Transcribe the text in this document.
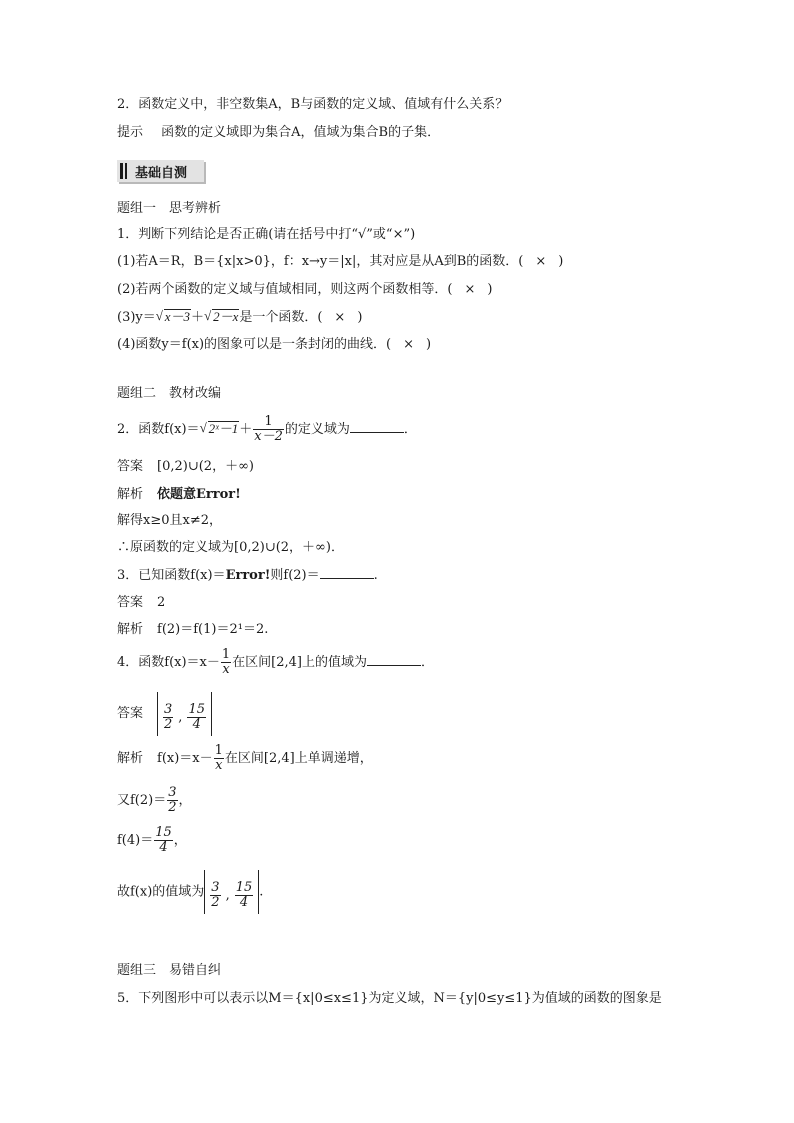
2．函数定义中，非空数集A，B与函数的定义域、值域有什么关系？
提示 函数的定义域即为集合A，值域为集合B的子集．
基础自测
题组一　思考辨析
1．判断下列结论是否正确(请在括号中打“√”或“×”)
(1)若A＝R，B＝{x|x>0}，f：x→y＝|x|，其对应是从A到B的函数．( × )
(2)若两个函数的定义域与值域相同，则这两个函数相等．( × )
(3)y＝ √ x－3＋ √ 2－x是一个函数．( × )
(4)函数y＝f(x)的图象可以是一条封闭的曲线．( × )
题组二　教材改编
2．函数f(x)＝ √ 2ˣ－1＋ $\frac{1}{x-2}$ 的定义域为	．
答案 [0,2)∪(2，＋∞)
解析 依题意Error!
解得x≥0且x≠2，
∴原函数的定义域为[0,2)∪(2，＋∞)．
3．已知函数f(x)＝Error!则f(2)＝	.
答案 2
解析 f(2)＝f(1)＝2¹＝2.
4．函数$f(x)=x- \frac{1}{x}$ 在区间[2,4]上的值域为	．
答案 $\frac{3}{2}$ , $\frac{15}{4}$
解析 $f(x)=x- \frac{1}{x}$ 在区间[2,4]上单调递增，
又$f(2)= \frac{3}{2}$ ，
$f(4)= \frac{15}{4}$ ，
故f(x)的值域为 $\frac{3}{2}$ , $\frac{15}{4}$ .
题组三　易错自纠
5．下列图形中可以表示以M＝{x|0≤x≤1}为定义域，N＝{y|0≤y≤1}为值域的函数的图象是
